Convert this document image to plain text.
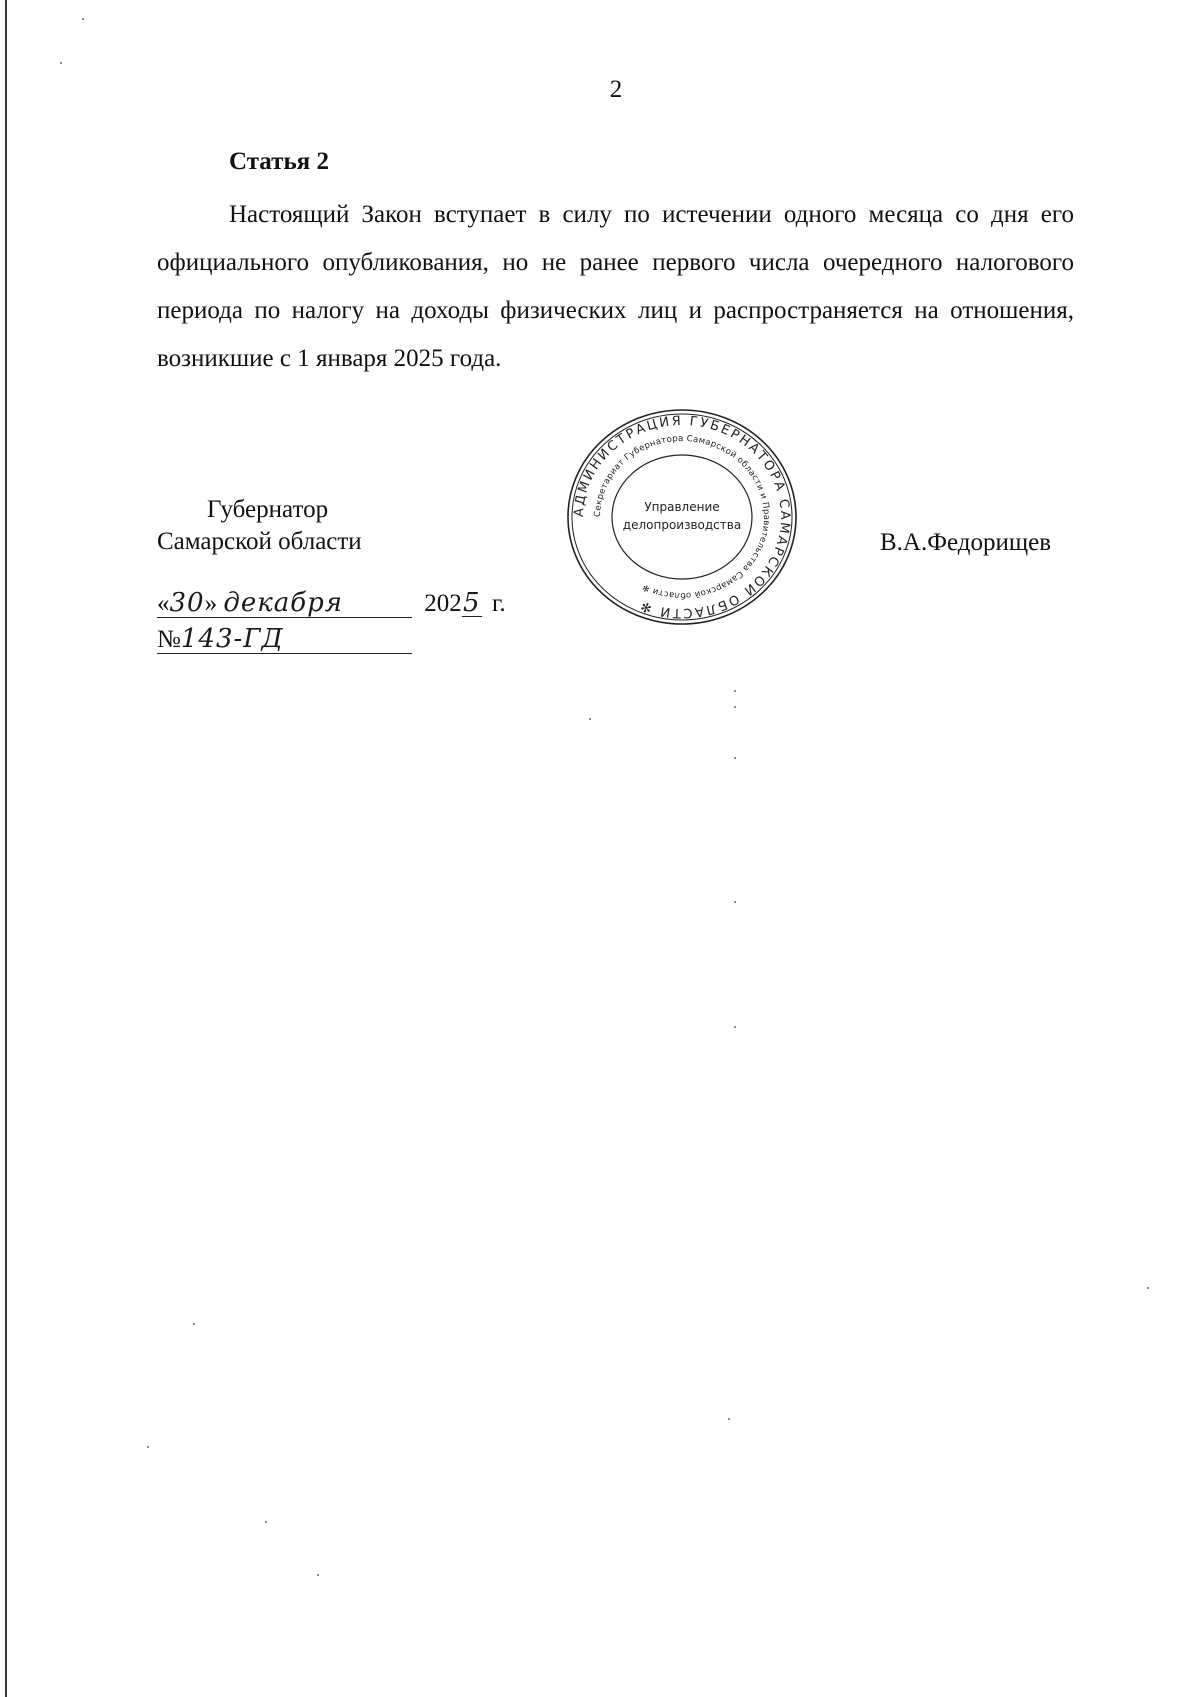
2
Статья 2

Настоящий Закон вступает в силу по истечении одного месяца со дня его официального опубликования, но не ранее первого числа очередного налогового периода по налогу на доходы физических лиц и распространяется на отношения, возникшие с 1 января 2025 года.

Губернатор
Самарской области
АДМИНИСТРАЦИЯ ГУБЕРНАТОРА САМАРСКОЙ ОБЛАСТИ ✻
Секретариат Губернатора Самарской области и Правительства Самарской области ✻
Управление
делопроизводства
В.А.Федорищев
«30» декабря	2025 г.
№143-ГД
